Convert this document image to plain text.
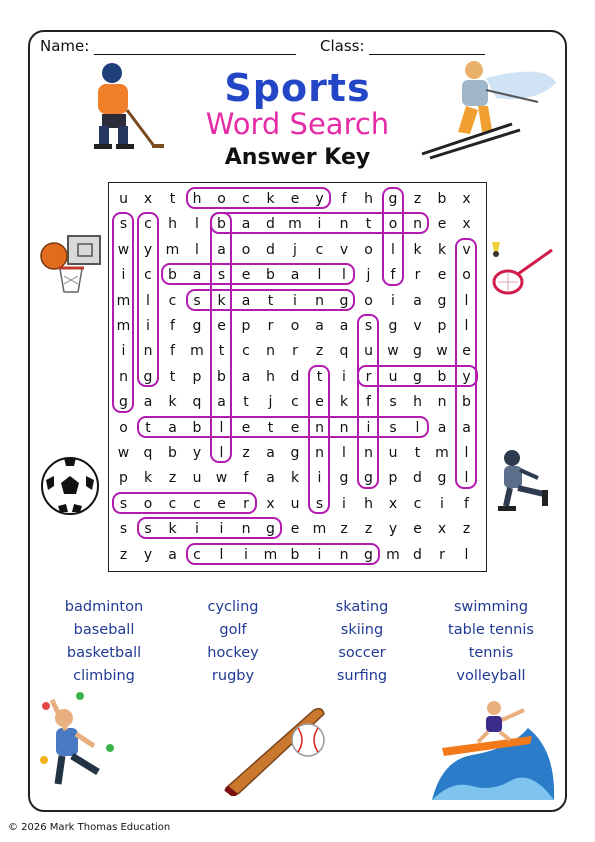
Name:	Class:
Sports
Word Search
Answer Key
u	x	t	h	o	c	k	e	y	f	h	g	z	b	x
s	c	h	l	b	a	d m	i	n	t	o	n	e	x
w	y m	l	a	o	d	j	c	v	o	l	k	k	v
i	c	b	a	s	e	b	a	l	l	j	f	r	e	o
m	l	c	s	k	a	t	i	n	g	o	i	a	g	l
m	i	f	g	e	p	r	o	a	a	s	g	v	p	l
i	n	f	m	t	c	n	r	z	q	u	w	g	w	e
n	g	t	p	b	a	h	d	t	i	r	u	g	b	y
g	a	k	q	a	t	j	c	e	k	f	s	h	n	b
o	t	a	b	l	e	t	e	n	n	i	s	l	a	a
w	q	b	y	l	z	a	g	n	l	n	u	t	m	l
p	k	z	u	w	f	a	k	i	g	g	p	d	g	l
s	o	c	c	e	r	x	u	s	i	h	x	c	i	f
s	s	k	i	i	n	g	e m	z	z	y	e	x	z
z	y	a	c	l	i	m b	i	n	g m d	r	l
badminton
baseball
basketball
climbing
cycling
golf
hockey
rugby
skating
skiing
soccer
surfing
swimming
table tennis
tennis
volleyball
© 2026 Mark Thomas Education
